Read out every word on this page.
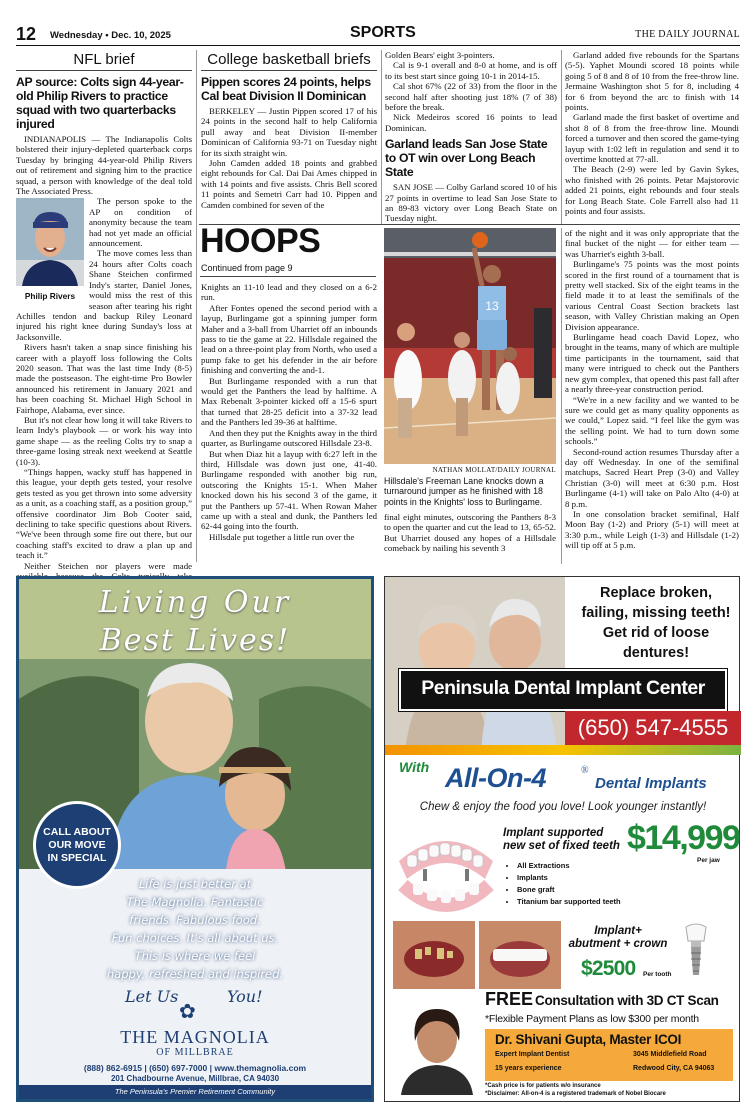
12 Wednesday • Dec. 10, 2025	SPORTS	THE DAILY JOURNAL
NFL brief
AP source: Colts sign 44-year-old Philip Rivers to practice squad with two quarterbacks injured

INDIANAPOLIS — The Indianapolis Colts bolstered their injury-depleted quarterback corps Tuesday by bringing 44-year-old Philip Rivers out of retirement and signing him to the practice squad, a person with knowledge of the deal told The Associated Press.

Philip Rivers

The person spoke to the AP on condition of anonymity because the team had not yet made an official announcement.

The move comes less than 24 hours after Colts coach Shane Steichen confirmed Indy's starter, Daniel Jones, would miss the rest of this season after tearing his right Achilles tendon and backup Riley Leonard injured his right knee during Sunday's loss at Jacksonville.

Rivers hasn't taken a snap since finishing his career with a playoff loss following the Colts 2020 season. That was the last time Indy (8-5) made the postseason. The eight-time Pro Bowler announced his retirement in January 2021 and has been coaching St. Michael High School in Fairhope, Alabama, ever since.

But it's not clear how long it will take Rivers to learn Indy's playbook — or work his way into game shape — as the reeling Colts try to snap a three-game losing streak next weekend at Seattle (10-3).

“Things happen, wacky stuff has happened in this league, your depth gets tested, your resolve gets tested as you get thrown into some adversity as a unit, as a coaching staff, as a position group,” offensive coordinator Jim Bob Cooter said, declining to take specific questions about Rivers. “We've been through some fire out there, but our coaching staff's excited to draw a plan up and teach it.”

Neither Steichen nor players were made

College basketball briefs
Pippen scores 24 points, helps Cal beat Division II Dominican

BERKELEY — Justin Pippen scored 17 of his 24 points in the second half to help California pull away and beat Division II-member Dominican of California 93-71 on Tuesday night for its sixth straight win.

John Camden added 18 points and grabbed eight rebounds for Cal. Dai Dai Ames chipped in with 14 points and five assists. Chris Bell scored 11 points and Semetri Carr had 10. Pippen and Camden combined for seven of the

Golden Bears' eight 3-pointers.

Cal is 9-1 overall and 8-0 at home, and is off to its best start since going 10-1 in 2014-15.

Cal shot 67% (22 of 33) from the floor in the second half after shooting just 18% (7 of 38) before the break.

Nick Medeiros scored 16 points to lead Dominican.

Garland leads San Jose State to OT win over Long Beach State

SAN JOSE — Colby Garland scored 10 of his 27 points in overtime to lead San Jose State to an 89-83 victory over Long Beach State on Tuesday night.

Garland added five rebounds for the Spartans (5-5). Yaphet Moundi scored 18 points while going 5 of 8 and 8 of 10 from the free-throw line. Jermaine Washington shot 5 for 8, including 4 for 6 from beyond the arc to finish with 14 points.

Garland made the first basket of overtime and shot 8 of 8 from the free-throw line. Moundi forced a turnover and then scored the game-tying layup with 1:02 left in regulation and send it to overtime knotted at 77-all.

The Beach (2-9) were led by Gavin Sykes, who finished with 26 points. Petar Majstorovic added 21 points, eight rebounds and four steals for Long Beach State. Cole Farrell also had 11 points and four assists.

HOOPS
Continued from page 9

Knights an 11-10 lead and they closed on a 6-2 run.

After Fontes opened the second period with a layup, Burlingame got a spinning jumper form Maher and a 3-ball from Uharriet off an inbounds pass to tie the game at 22. Hillsdale regained the lead on a three-point play from North, who used a pump fake to get his defender in the air before finishing and converting the and-1.

But Burlingame responded with a run that would get the Panthers the lead by halftime. A Max Rebenalt 3-pointer kicked off a 15-6 spurt that turned that 28-25 deficit into a 37-32 lead and the Panthers led 39-36 at halftime.

And then they put the Knights away in the third quarter, as Burlingame outscored Hillsdale 23-8.

But when Diaz hit a layup with 6:27 left in the third, Hillsdale was down just one, 41-40. Burlingame responded with another big run, outscoring the Knights 15-1. When Maher knocked down his his second 3 of the game, it put the Panthers up 57-41. When Rowan Maher came up with a steal and dunk, the Panthers led 62-44 going into the fourth.

Hillsdale put together a little run over the

13
NATHAN MOLLAT/DAILY JOURNAL
Hillsdale's Freeman Lane knocks down a turnaround jumper as he finished with 18 points in the Knights' loss to Burlingame.

final eight minutes, outscoring the Panthers 8-3 to open the quarter and cut the lead to 13, 65-52. But Uharriet doused any hopes of a Hillsdale comeback by nailing his seventh 3

of the night and it was only appropriate that the final bucket of the night — for either team — was Uharriet's eighth 3-ball.

Burlingame's 75 points was the most points scored in the first round of a tournament that is pretty well stacked. Six of the eight teams in the field made it to at least the semifinals of the various Central Coast Section brackets last season, with Valley Christian making an Open Division appearance.

Burlingame head coach David Lopez, who brought in the teams, many of which are multiple time participants in the tournament, said that many were intrigued to check out the Panthers new gym complex, that opened this past fall after a nearly three-year construction period.

“We're in a new facility and we wanted to be sure we could get as many quality opponents as we could,” Lopez said. “I feel like the gym was the selling point. We had to turn down some schools.”

Second-round action resumes Thursday after a day off Wednesday. In one of the semifinal matchups, Sacred Heart Prep (3-0) and Valley Christian (3-0) will meet at 6:30 p.m. Host Burlingame (4-1) will take on Palo Alto (4-0) at 8 p.m.

In one consolation bracket semifinal, Half Moon Bay (1-2) and Priory (5-1) will meet at 3:30 p.m., while Leigh (1-3) and Hillsdale (1-2) will tip off at 5 p.m.

Living Our
Best Lives!
CALL ABOUT
OUR MOVE
IN SPECIAL
Life is just better at
The Magnolia. Fantastic
friends. Fabulous food.
Fun choices. It's all about us.
This is where we feel
happy, refreshed and inspired.
Let Us	You!
✿
THE MAGNOLIA
OF MILLBRAE
(888) 862-6915 | (650) 697-7000 | www.themagnolia.com
201 Chadbourne Avenue, Millbrae, CA 94030
The Peninsula's Premier Retirement Community
Replace broken,
failing, missing teeth!
Get rid of loose
dentures!
Peninsula Dental Implant Center
(650) 547-4555
With All-On-4	®
Dental Implants
Chew & enjoy the food you love! Look younger instantly!
Implant supported
new set of fixed teeth $14,999
Per jaw
• All Extractions
• Implants
• Bone graft
• Titanium bar supported teeth
Implant+
abutment + crown
$2500 Per tooth
FREE Consultation with 3D CT Scan
*Flexible Payment Plans as low $300 per month
Dr. Shivani Gupta, Master ICOI
Expert Implant Dentist
15 years experience
3045 Middlefield Road
Redwood City, CA 94063
*Cash price is for patients w/o insurance
*Disclaimer: All-on-4 is a registered trademark of Nobel Biocare
